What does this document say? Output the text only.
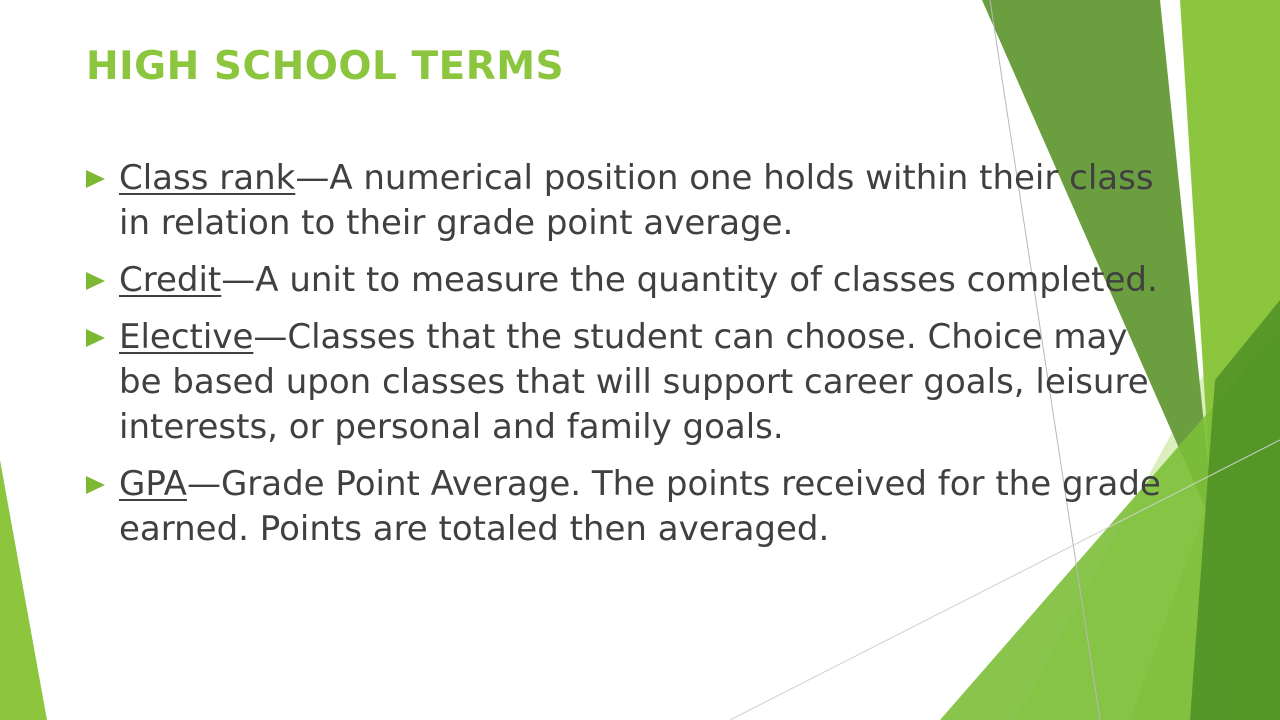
HIGH SCHOOL TERMS
Class rank—A numerical position one holds within their class in relation to their grade point average.
Credit—A unit to measure the quantity of classes completed.
Elective—Classes that the student can choose. Choice may be based upon classes that will support career goals, leisure interests, or personal and family goals.
GPA—Grade Point Average. The points received for the grade earned. Points are totaled then averaged.
